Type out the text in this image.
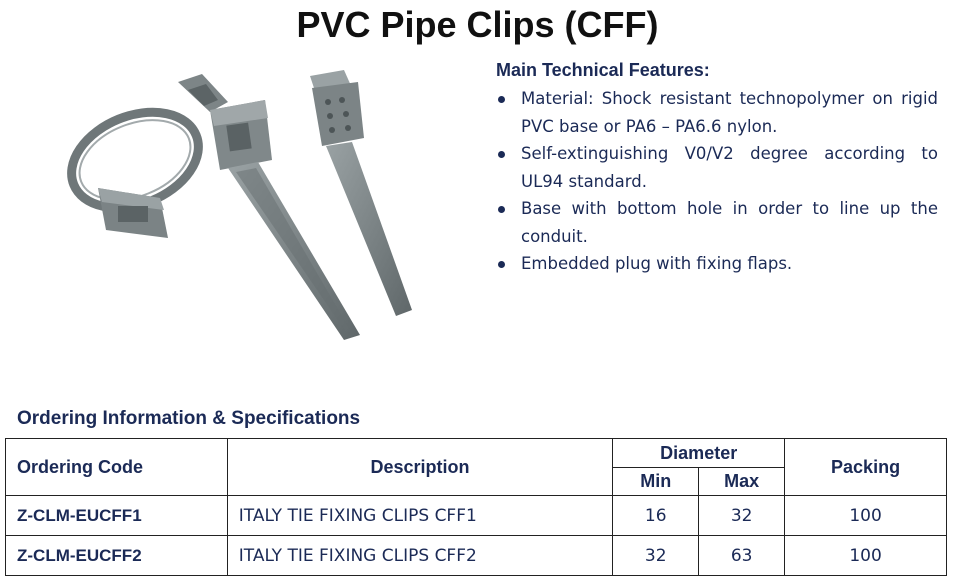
PVC Pipe Clips (CFF)
Main Technical Features:
Material: Shock resistant technopolymer on rigid PVC base or PA6 – PA6.6 nylon.
Self-extinguishing V0/V2 degree according to UL94 standard.
Base with bottom hole in order to line up the conduit.
Embedded plug with fixing flaps.
Ordering Information & Specifications
Ordering Code	Description	Diameter		Packing
		Min	Max	
Z-CLM-EUCFF1	ITALY TIE FIXING CLIPS CFF1	16	32	100
Z-CLM-EUCFF2	ITALY TIE FIXING CLIPS CFF2	32	63	100
